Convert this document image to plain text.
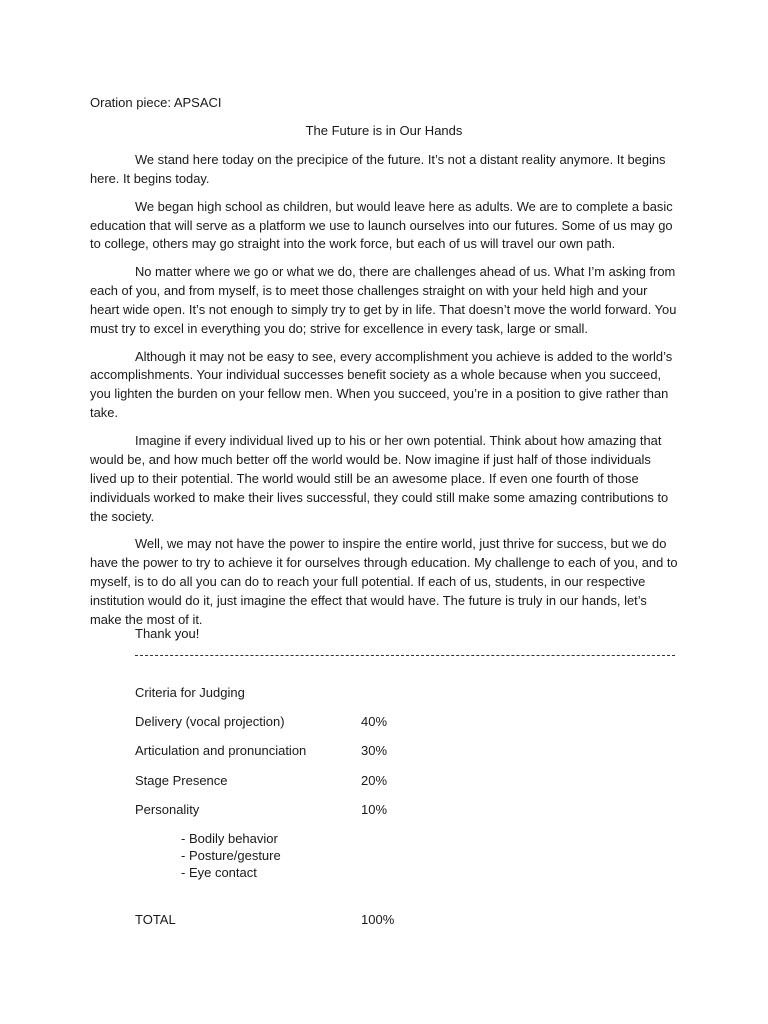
Oration piece: APSACI
The Future is in Our Hands

We stand here today on the precipice of the future. It’s not a distant reality anymore. It begins here. It begins today.

We began high school as children, but would leave here as adults. We are to complete a basic education that will serve as a platform we use to launch ourselves into our futures. Some of us may go to college, others may go straight into the work force, but each of us will travel our own path.

No matter where we go or what we do, there are challenges ahead of us. What I’m asking from each of you, and from myself, is to meet those challenges straight on with your held high and your heart wide open. It’s not enough to simply try to get by in life. That doesn’t move the world forward. You must try to excel in everything you do; strive for excellence in every task, large or small.

Although it may not be easy to see, every accomplishment you achieve is added to the world’s accomplishments. Your individual successes benefit society as a whole because when you succeed, you lighten the burden on your fellow men. When you succeed, you’re in a position to give rather than take.

Imagine if every individual lived up to his or her own potential. Think about how amazing that would be, and how much better off the world would be. Now imagine if just half of those individuals lived up to their potential. The world would still be an awesome place. If even one fourth of those individuals worked to make their lives successful, they could still make some amazing contributions to the society.

Well, we may not have the power to inspire the entire world, just thrive for success, but we do have the power to try to achieve it for ourselves through education. My challenge to each of you, and to myself, is to do all you can do to reach your full potential. If each of us, students, in our respective institution would do it, just imagine the effect that would have. The future is truly in our hands, let’s make the most of it.

Thank you!
Criteria for Judging
Delivery (vocal projection)	40%
Articulation and pronunciation	30%
Stage Presence	20%
Personality	10%
- Bodily behavior
- Posture/gesture
- Eye contact
TOTAL	100%
